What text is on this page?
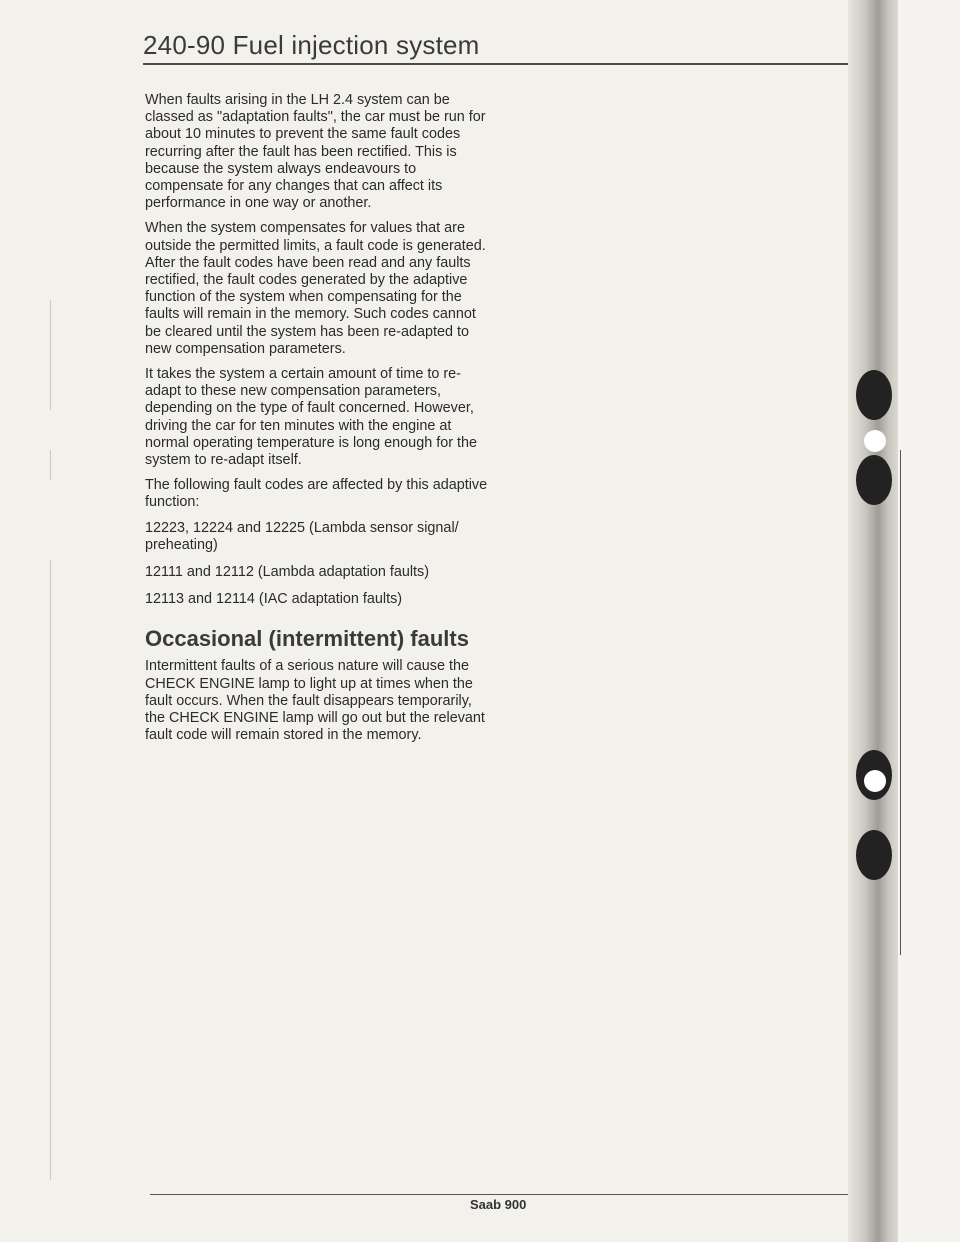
240-90 Fuel injection system

When faults arising in the LH 2.4 system can be classed as "adaptation faults", the car must be run for about 10 minutes to prevent the same fault codes recurring after the fault has been rectified. This is because the system always endeavours to compensate for any changes that can affect its performance in one way or another.

When the system compensates for values that are outside the permitted limits, a fault code is generated. After the fault codes have been read and any faults rectified, the fault codes generated by the adaptive function of the system when compensating for the faults will remain in the memory. Such codes cannot be cleared until the system has been re-adapted to new compensation parameters.

It takes the system a certain amount of time to re-adapt to these new compensation parameters, depending on the type of fault concerned. However, driving the car for ten minutes with the engine at normal operating temperature is long enough for the system to re-adapt itself.

The following fault codes are affected by this adaptive function:

12223, 12224 and 12225 (Lambda sensor signal/ preheating)

12111 and 12112 (Lambda adaptation faults)

12113 and 12114 (IAC adaptation faults)

Occasional (intermittent) faults

Intermittent faults of a serious nature will cause the CHECK ENGINE lamp to light up at times when the fault occurs. When the fault disappears temporarily, the CHECK ENGINE lamp will go out but the relevant fault code will remain stored in the memory.

Saab 900
